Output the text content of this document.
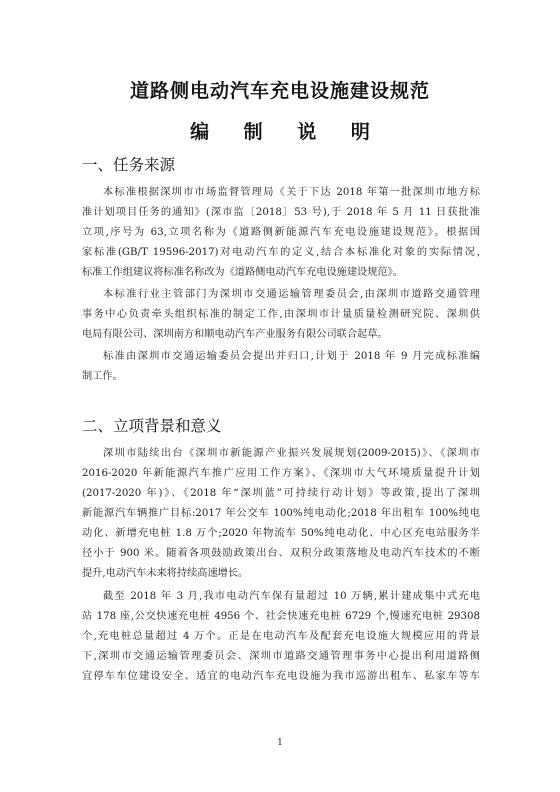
道路侧电动汽车充电设施建设规范
编 制 说 明
一、任务来源
本标准根据深圳市市场监督管理局《关于下达 2018 年第一批深圳市地方标
准计划项目任务的通知》(深市监〔2018〕53 号),于 2018 年 5 月 11 日获批准
立项,序号为 63,立项名称为《道路侧新能源汽车充电设施建设规范》。根据国
家标准(GB/T 19596-2017)对电动汽车的定义,结合本标准化对象的实际情况,
标准工作组建议将标准名称改为《道路侧电动汽车充电设施建设规范》。
本标准行业主管部门为深圳市交通运输管理委员会,由深圳市道路交通管理
事务中心负责牵头组织标准的制定工作,由深圳市计量质量检测研究院、深圳供
电局有限公司、深圳南方和顺电动汽车产业服务有限公司联合起草。
标准由深圳市交通运输委员会提出并归口,计划于 2018 年 9 月完成标准编
制工作。
二、立项背景和意义
深圳市陆续出台《深圳市新能源产业振兴发展规划(2009-2015)》、《深圳市
2016-2020 年新能源汽车推广应用工作方案》、《深圳市大气环境质量提升计划
(2017-2020 年)》、《2018 年“深圳蓝”可持续行动计划》等政策,提出了深圳
新能源汽车辆推广目标:2017 年公交车 100%纯电动化;2018 年出租车 100%纯电
动化、新增充电桩 1.8 万个;2020 年物流车 50%纯电动化、中心区充电站服务半
径小于 900 米。随着各项鼓励政策出台、双积分政策落地及电动汽车技术的不断
提升,电动汽车未来将持续高速增长。
截至 2018 年 3 月,我市电动汽车保有量超过 10 万辆,累计建成集中式充电
站 178 座,公交快速充电桩 4956 个、社会快速充电桩 6729 个,慢速充电桩 29308
个,充电桩总量超过 4 万个。正是在电动汽车及配套充电设施大规模应用的背景
下,深圳市交通运输管理委员会、深圳市道路交通管理事务中心提出利用道路侧
宜停车车位建设安全、适宜的电动汽车充电设施为我市巡游出租车、私家车等车
1
